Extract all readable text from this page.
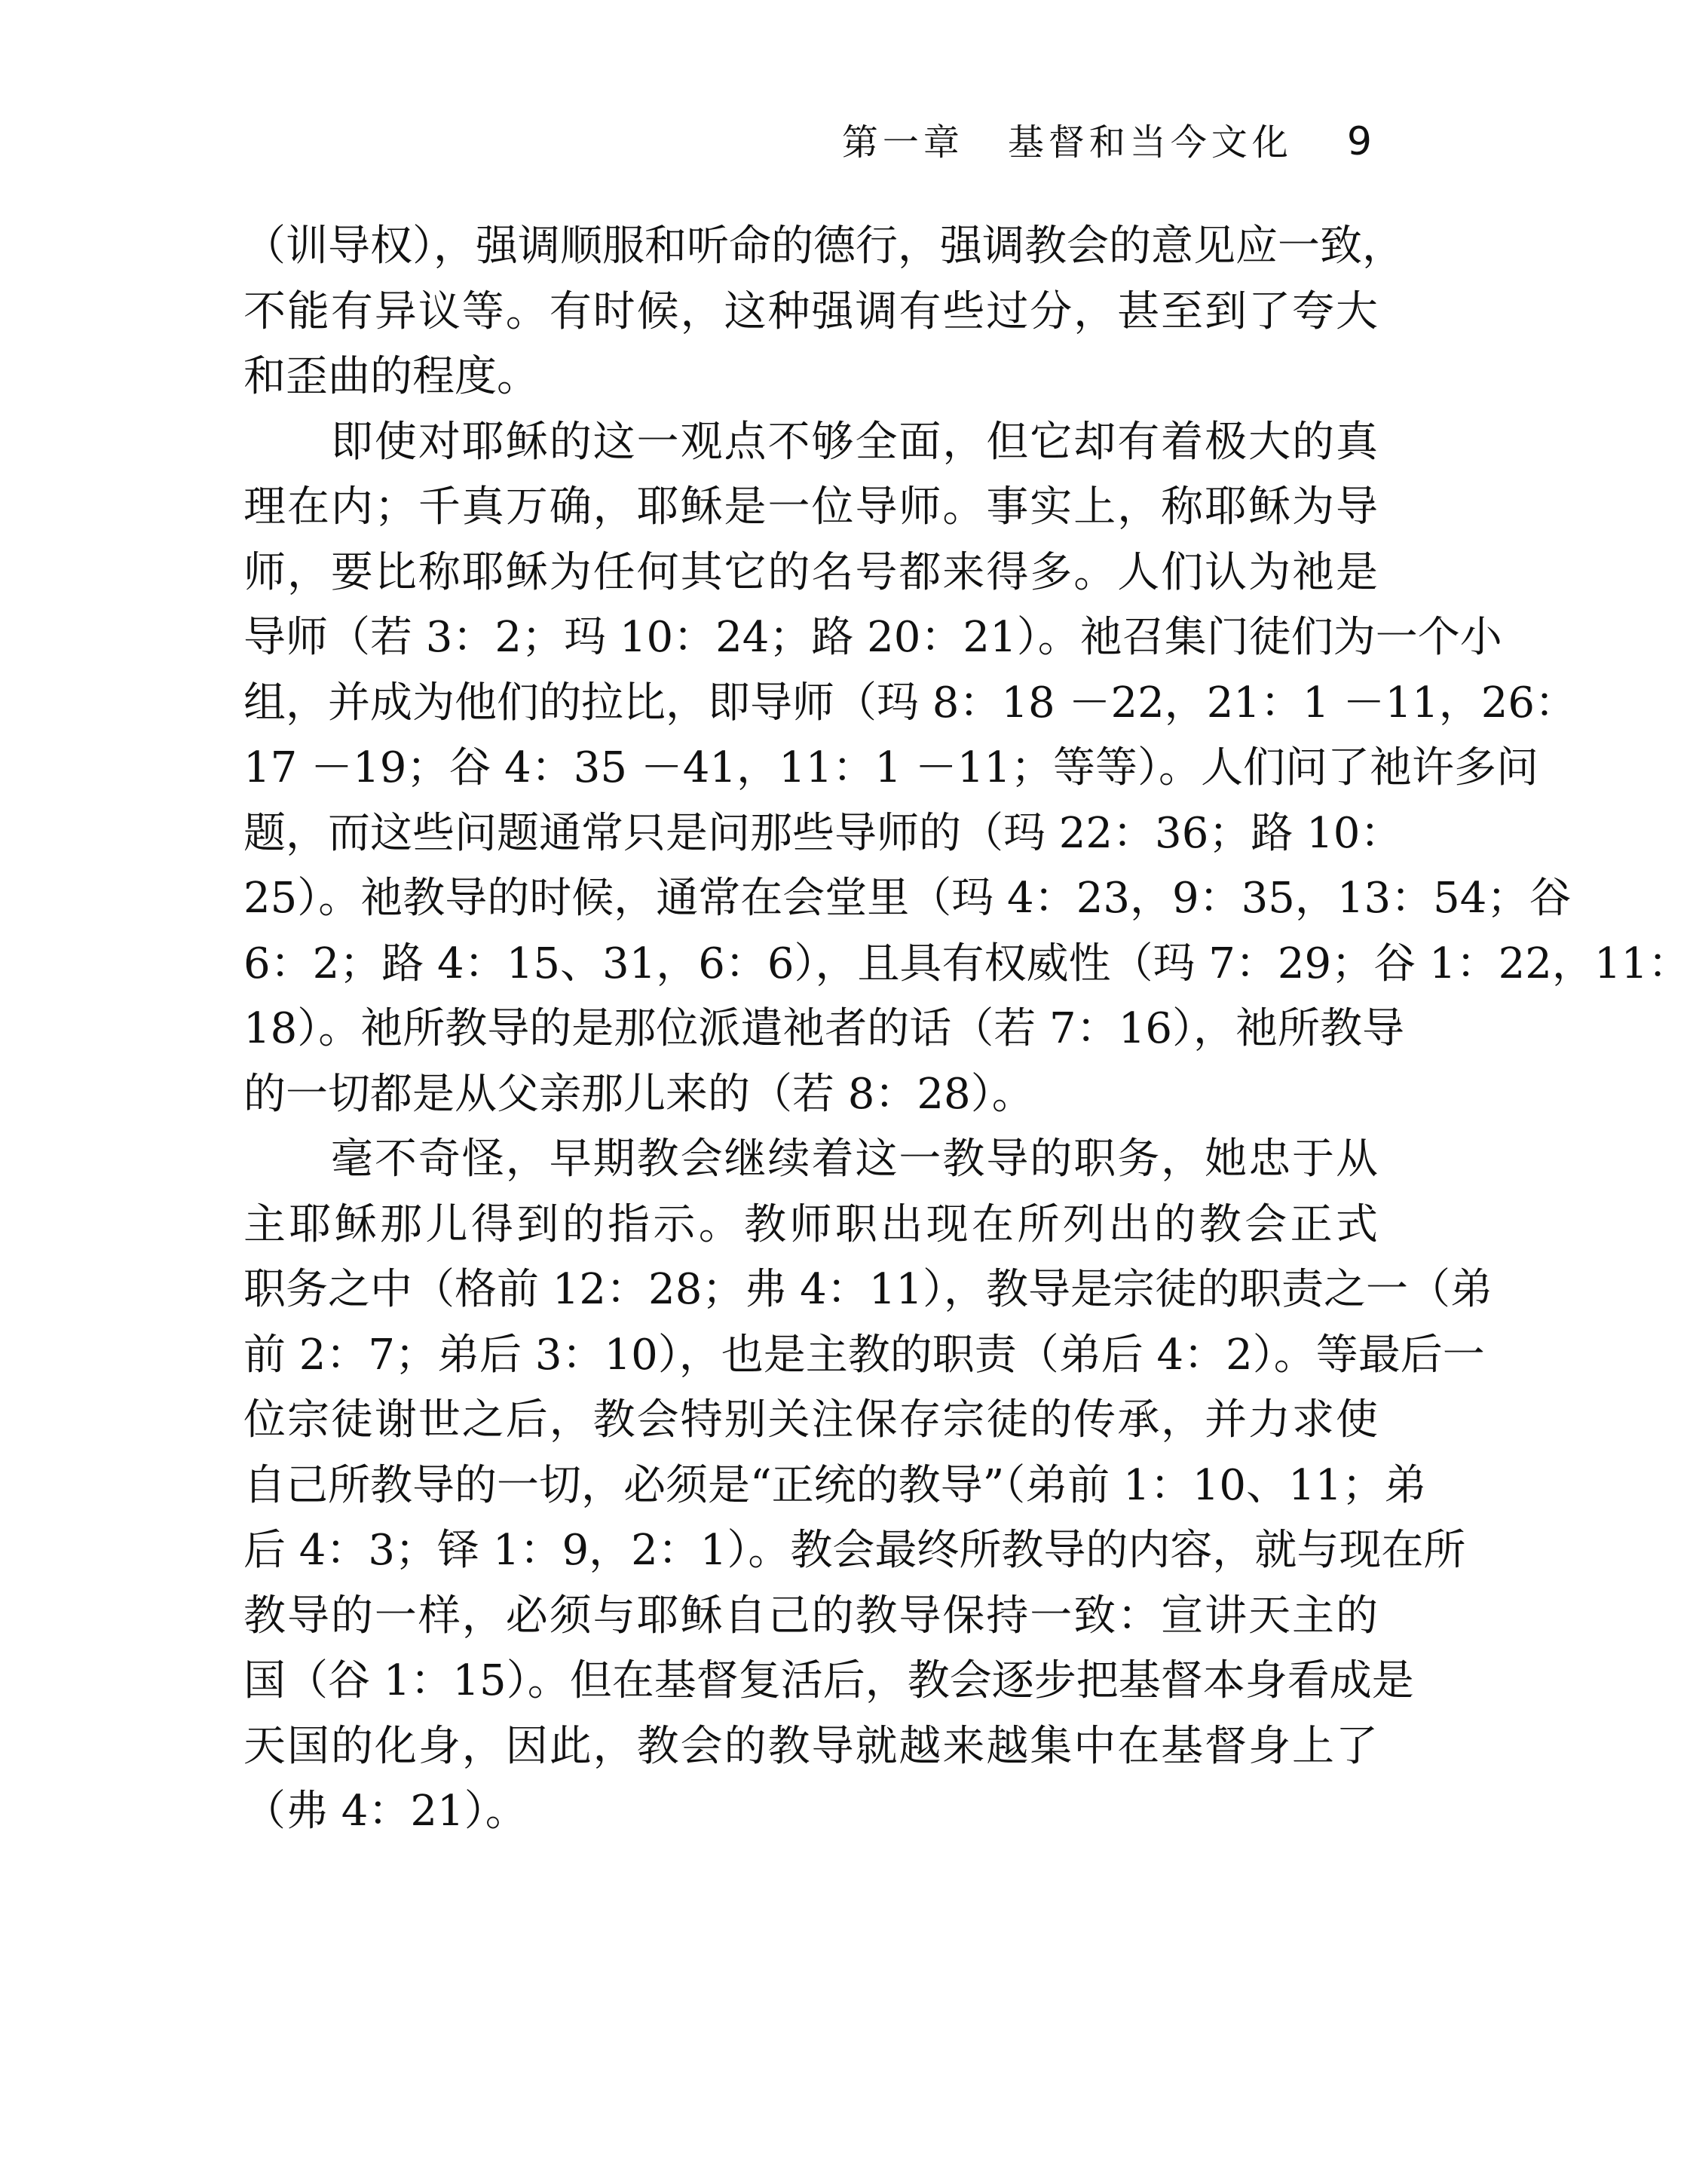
第一章 基督和当今文化 9
（训导权），强调顺服和听命的德行，强调教会的意见应一致，
不能有异议等。有时候，这种强调有些过分，甚至到了夸大
和歪曲的程度。
　　即使对耶稣的这一观点不够全面，但它却有着极大的真
理在内；千真万确，耶稣是一位导师。事实上，称耶稣为导
师，要比称耶稣为任何其它的名号都来得多。人们认为祂是
导师（若 3：2；玛 10：24；路 20：21）。祂召集门徒们为一个小
组，并成为他们的拉比，即导师（玛 8：18 －22，21：1 －11，26：
17 －19；谷 4：35 －41，11：1 －11；等等）。人们问了祂许多问
题，而这些问题通常只是问那些导师的（玛 22：36；路 10：
25）。祂教导的时候，通常在会堂里（玛 4：23，9：35，13：54；谷
6：2；路 4：15、31，6：6），且具有权威性（玛 7：29；谷 1：22，11：
18）。祂所教导的是那位派遣祂者的话（若 7：16），祂所教导
的一切都是从父亲那儿来的（若 8：28）。
　　毫不奇怪，早期教会继续着这一教导的职务，她忠于从
主耶稣那儿得到的指示。教师职出现在所列出的教会正式
职务之中（格前 12：28；弗 4：11），教导是宗徒的职责之一（弟
前 2：7；弟后 3：10），也是主教的职责（弟后 4：2）。等最后一
位宗徒谢世之后，教会特别关注保存宗徒的传承，并力求使
自己所教导的一切，必须是“正统的教导”（弟前 1：10、11；弟
后 4：3；铎 1：9，2：1）。教会最终所教导的内容，就与现在所
教导的一样，必须与耶稣自己的教导保持一致：宣讲天主的
国（谷 1：15）。但在基督复活后，教会逐步把基督本身看成是
天国的化身，因此，教会的教导就越来越集中在基督身上了
（弗 4：21）。
